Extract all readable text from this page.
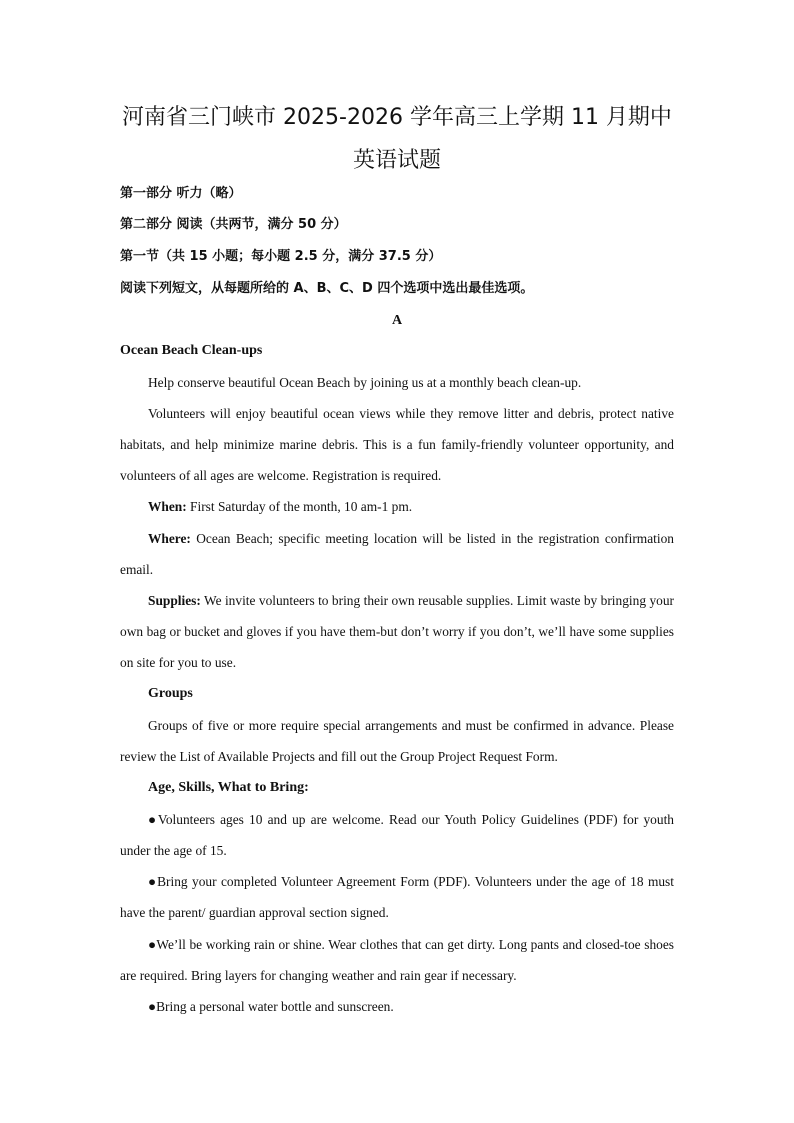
河南省三门峡市 2025-2026 学年高三上学期 11 月期中
英语试题
第一部分 听力（略）
第二部分 阅读（共两节，满分 50 分）
第一节（共 15 小题；每小题 2.5 分，满分 37.5 分）
阅读下列短文，从每题所给的 A、B、C、D 四个选项中选出最佳选项。
A
Ocean Beach Clean-ups
Help conserve beautiful Ocean Beach by joining us at a monthly beach clean-up.
Volunteers will enjoy beautiful ocean views while they remove litter and debris, protect native habitats, and help minimize marine debris. This is a fun family-friendly volunteer opportunity, and volunteers of all ages are welcome. Registration is required.
When: First Saturday of the month, 10 am-1 pm.
Where: Ocean Beach; specific meeting location will be listed in the registration confirmation email.
Supplies: We invite volunteers to bring their own reusable supplies. Limit waste by bringing your own bag or bucket and gloves if you have them-but don’t worry if you don’t, we’ll have some supplies on site for you to use.
Groups
Groups of five or more require special arrangements and must be confirmed in advance. Please review the List of Available Projects and fill out the Group Project Request Form.
Age, Skills, What to Bring:
●Volunteers ages 10 and up are welcome. Read our Youth Policy Guidelines (PDF) for youth under the age of 15.
●Bring your completed Volunteer Agreement Form (PDF). Volunteers under the age of 18 must have the parent/ guardian approval section signed.
●We’ll be working rain or shine. Wear clothes that can get dirty. Long pants and closed-toe shoes are required. Bring layers for changing weather and rain gear if necessary.
●Bring a personal water bottle and sunscreen.
